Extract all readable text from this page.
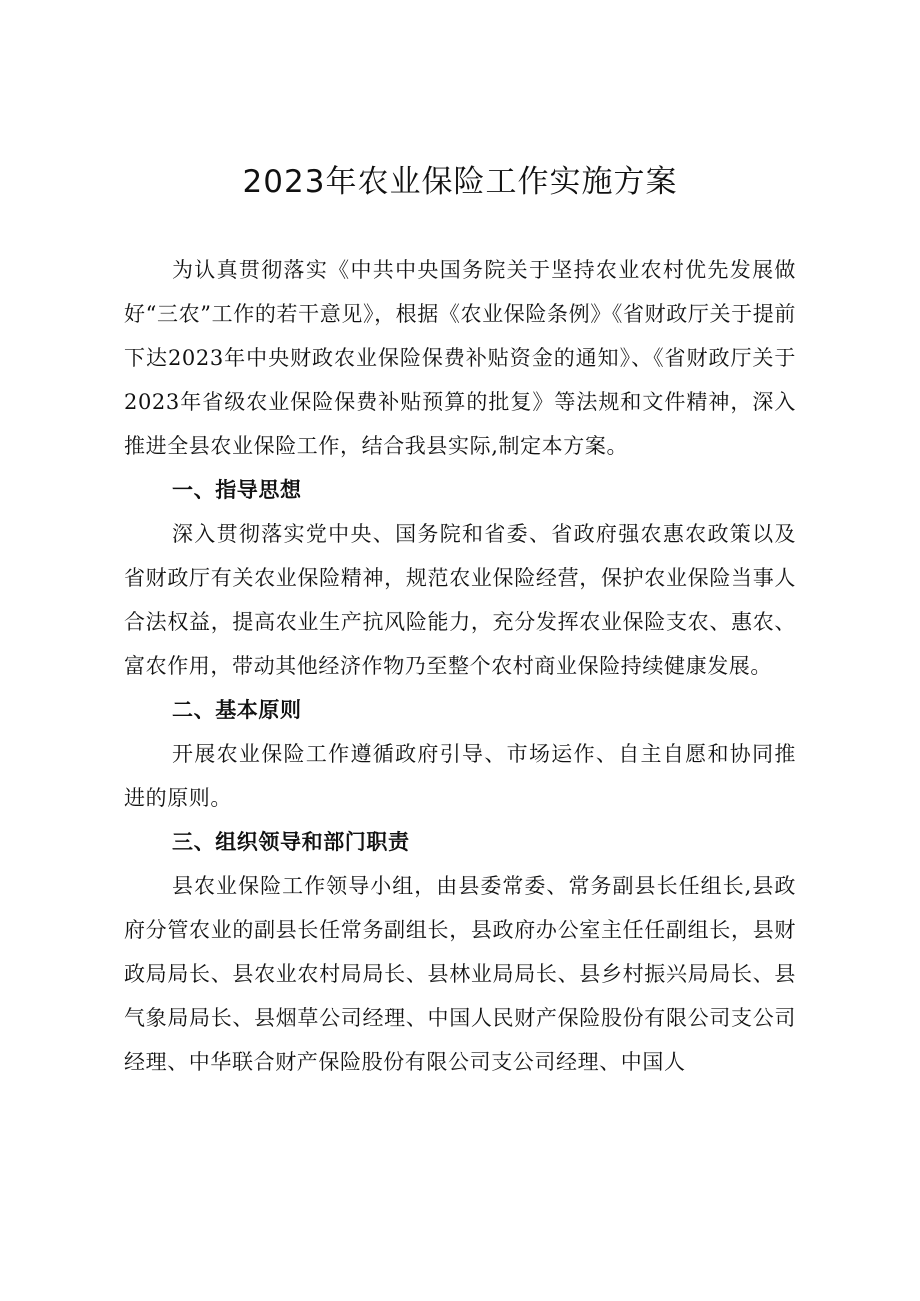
2023年农业保险工作实施方案

为认真贯彻落实《中共中央国务院关于坚持农业农村优先发展做好“三农”工作的若干意见》，根据《农业保险条例》《省财政厅关于提前下达2023年中央财政农业保险保费补贴资金的通知》、《省财政厅关于2023年省级农业保险保费补贴预算的批复》等法规和文件精神，深入推进全县农业保险工作，结合我县实际,制定本方案。

一、指导思想

深入贯彻落实党中央、国务院和省委、省政府强农惠农政策以及省财政厅有关农业保险精神，规范农业保险经营，保护农业保险当事人合法权益，提高农业生产抗风险能力，充分发挥农业保险支农、惠农、富农作用，带动其他经济作物乃至整个农村商业保险持续健康发展。

二、基本原则

开展农业保险工作遵循政府引导、市场运作、自主自愿和协同推进的原则。

三、组织领导和部门职责

县农业保险工作领导小组，由县委常委、常务副县长任组长,县政府分管农业的副县长任常务副组长，县政府办公室主任任副组长，县财政局局长、县农业农村局局长、县林业局局长、县乡村振兴局局长、县气象局局长、县烟草公司经理、中国人民财产保险股份有限公司支公司经理、中华联合财产保险股份有限公司支公司经理、中国人
